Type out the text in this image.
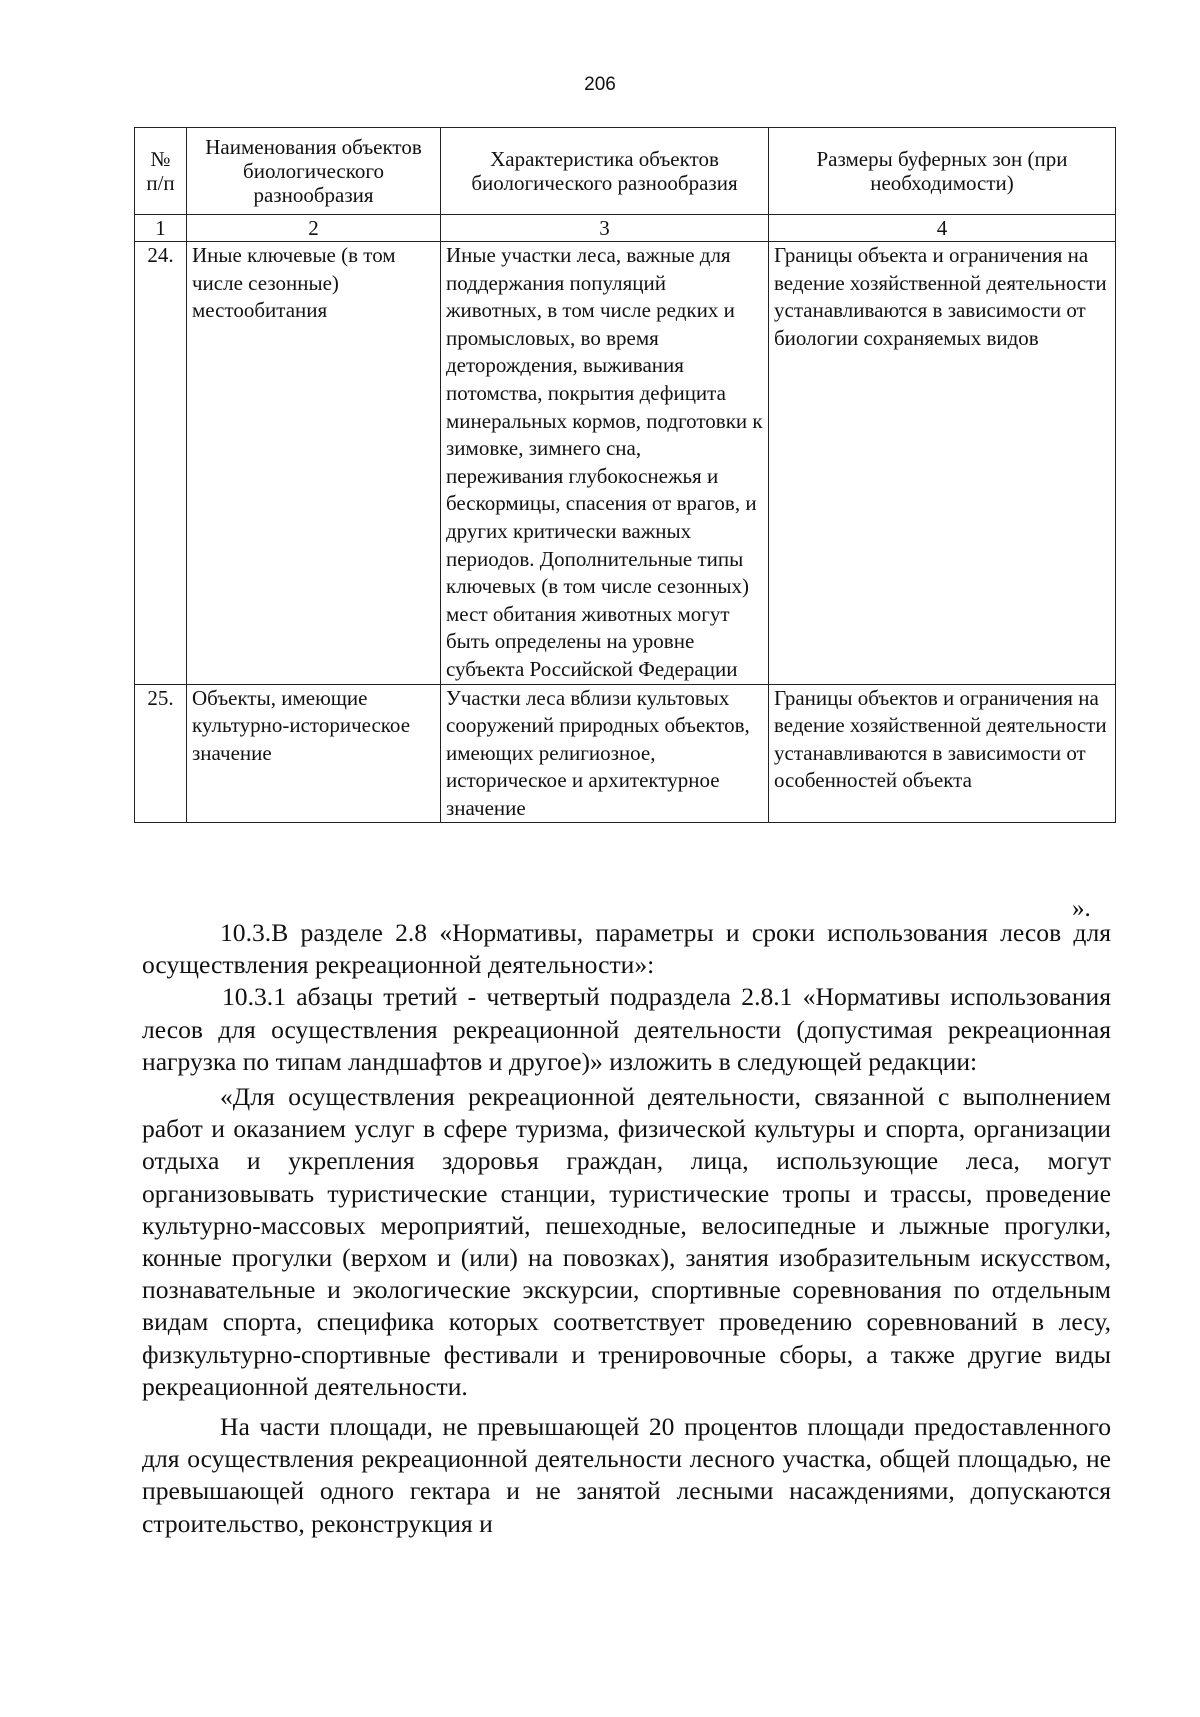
206
№ п/п	Наименования объектов биологического разнообразия	Характеристика объектов биологического разнообразия	Размеры буферных зон (при необходимости)
1	2	3	4
24.	Иные ключевые (в том числе сезонные) местообитания	Иные участки леса, важные для поддержания популяций животных, в том числе редких и промысловых, во время деторождения, выживания потомства, покрытия дефицита минеральных кормов, подготовки к зимовке, зимнего сна, переживания глубокоснежья и бескормицы, спасения от врагов, и других критически важных периодов. Дополнительные типы ключевых (в том числе сезонных) мест обитания животных могут быть определены на уровне субъекта Российской Федерации	Границы объекта и ограничения на ведение хозяйственной деятельности устанавливаются в зависимости от биологии сохраняемых видов
25.	Объекты, имеющие культурно-историческое значение	Участки леса вблизи культовых сооружений природных объектов, имеющих религиозное, историческое и архитектурное значение	Границы объектов и ограничения на ведение хозяйственной деятельности устанавливаются в зависимости от особенностей объекта
».

10.3.В разделе 2.8 «Нормативы, параметры и сроки использования лесов для осуществления рекреационной деятельности»:

10.3.1 абзацы третий - четвертый подраздела 2.8.1 «Нормативы использования лесов для осуществления рекреационной деятельности (допустимая рекреационная нагрузка по типам ландшафтов и другое)» изложить в следующей редакции:

«Для осуществления рекреационной деятельности, связанной с выполнением работ и оказанием услуг в сфере туризма, физической культуры и спорта, организации отдыха и укрепления здоровья граждан, лица, использующие леса, могут организовывать туристические станции, туристические тропы и трассы, проведение культурно-массовых мероприятий, пешеходные, велосипедные и лыжные прогулки, конные прогулки (верхом и (или) на повозках), занятия изобразительным искусством, познавательные и экологические экскурсии, спортивные соревнования по отдельным видам спорта, специфика которых соответствует проведению соревнований в лесу, физкультурно-спортивные фестивали и тренировочные сборы, а также другие виды рекреационной деятельности.

На части площади, не превышающей 20 процентов площади предоставленного для осуществления рекреационной деятельности лесного участка, общей площадью, не превышающей одного гектара и не занятой лесными насаждениями, допускаются строительство, реконструкция и
